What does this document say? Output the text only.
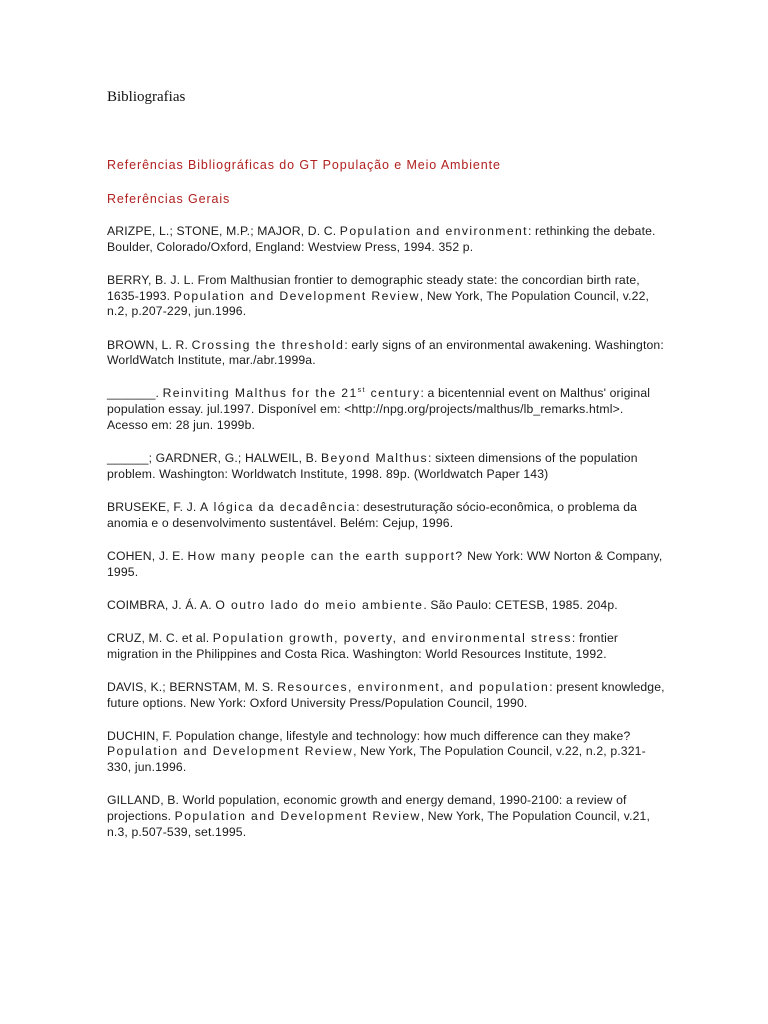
Bibliografias
Referências Bibliográficas do GT População e Meio Ambiente
Referências Gerais
ARIZPE, L.; STONE, M.P.; MAJOR, D. C. Population and environment: rethinking the debate. Boulder, Colorado/Oxford, England: Westview Press, 1994. 352 p.
BERRY, B. J. L. From Malthusian frontier to demographic steady state: the concordian birth rate, 1635-1993. Population and Development Review, New York, The Population Council, v.22, n.2, p.207-229, jun.1996.
BROWN, L. R. Crossing the threshold: early signs of an environmental awakening. Washington: WorldWatch Institute, mar./abr.1999a.
_______. Reinviting Malthus for the 21st century: a bicentennial event on Malthus' original population essay. jul.1997. Disponível em: <http://npg.org/projects/malthus/lb_remarks.html>. Acesso em: 28 jun. 1999b.
______; GARDNER, G.; HALWEIL, B. Beyond Malthus: sixteen dimensions of the population problem. Washington: Worldwatch Institute, 1998. 89p. (Worldwatch Paper 143)
BRUSEKE, F. J. A lógica da decadência: desestruturação sócio-econômica, o problema da anomia e o desenvolvimento sustentável. Belém: Cejup, 1996.
COHEN, J. E. How many people can the earth support? New York: WW Norton & Company, 1995.
COIMBRA, J. Á. A. O outro lado do meio ambiente. São Paulo: CETESB, 1985. 204p.
CRUZ, M. C. et al. Population growth, poverty, and environmental stress: frontier migration in the Philippines and Costa Rica. Washington: World Resources Institute, 1992.
DAVIS, K.; BERNSTAM, M. S. Resources, environment, and population: present knowledge, future options. New York: Oxford University Press/Population Council, 1990.
DUCHIN, F. Population change, lifestyle and technology: how much difference can they make? Population and Development Review, New York, The Population Council, v.22, n.2, p.321-330, jun.1996.
GILLAND, B. World population, economic growth and energy demand, 1990-2100: a review of projections. Population and Development Review, New York, The Population Council, v.21, n.3, p.507-539, set.1995.
